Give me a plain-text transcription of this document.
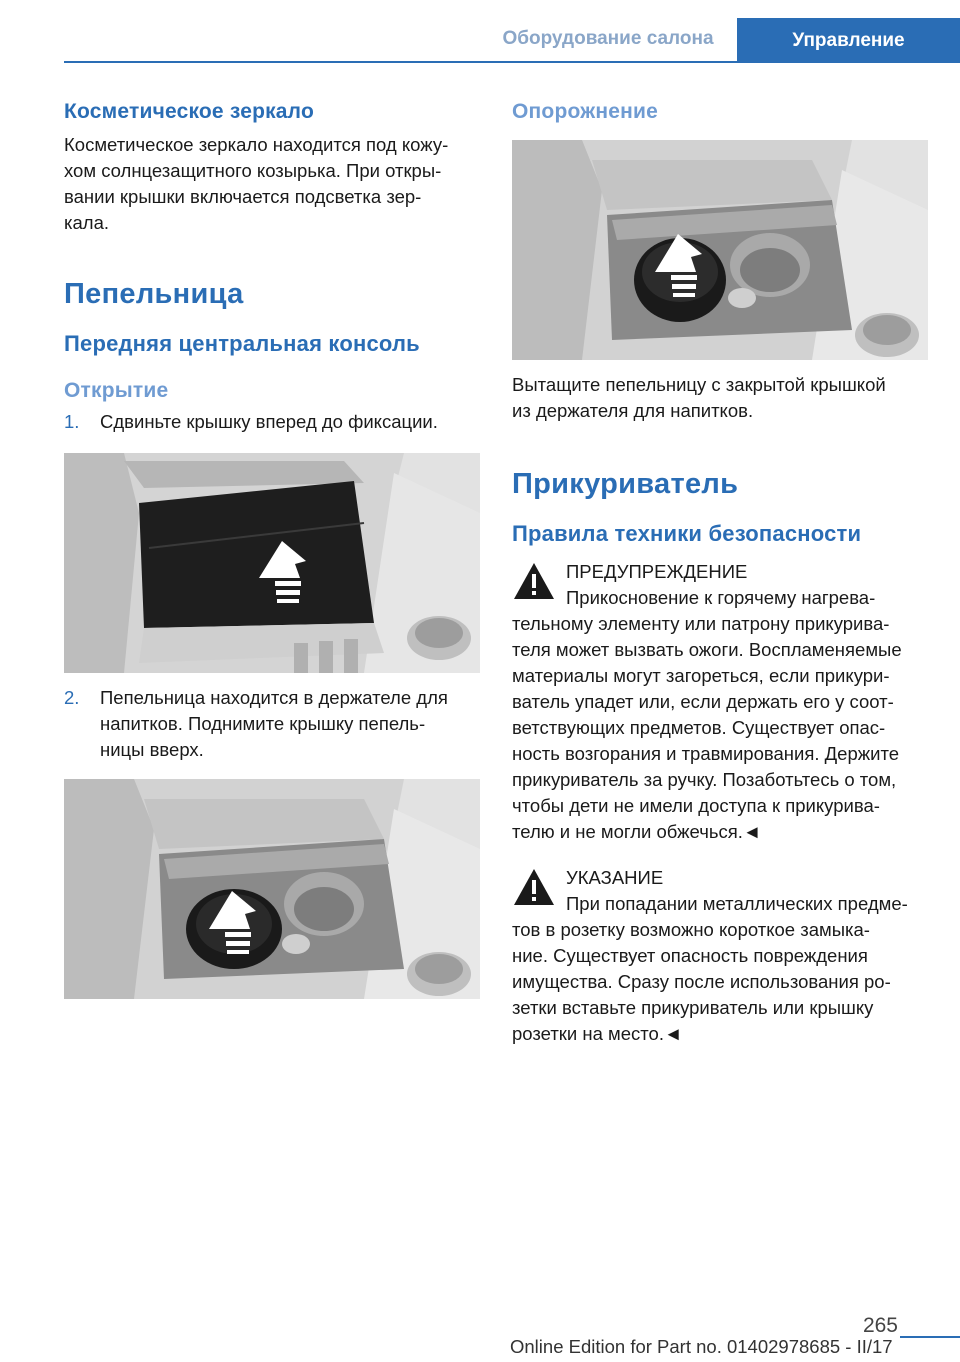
Оборудование салона	Управление
Косметическое зеркало

Косметическое зеркало находится под кожу-

хом солнцезащитного козырька. При откры-

вании крышки включается подсветка зер-

кала.

Пепельница
Передняя центральная консоль
Открытие
1.	Сдвиньте крышку вперед до фиксации.
2.	Пепельница находится в держателе для
напитков. Поднимите крышку пепель-
ницы вверх.
Опорожнение

Вытащите пепельницу с закрытой крышкой

из держателя для напитков.

Прикуриватель
Правила техники безопасности

ПРЕДУПРЕЖДЕНИЕ

Прикосновение к горячему нагрева-

тельному элементу или патрону прикурива-

теля может вызвать ожоги. Воспламеняемые

материалы могут загореться, если прикури-

ватель упадет или, если держать его у соот-

ветствующих предметов. Существует опас-

ность возгорания и травмирования. Держите

прикуриватель за ручку. Позаботьтесь о том,

чтобы дети не имели доступа к прикурива-

телю и не могли обжечься.◄

УКАЗАНИЕ

При попадании металлических предме-

тов в розетку возможно короткое замыка-

ние. Существует опасность повреждения

имущества. Сразу после использования ро-

зетки вставьте прикуриватель или крышку

розетки на место.◄

265
Online Edition for Part no. 01402978685 - II/17
